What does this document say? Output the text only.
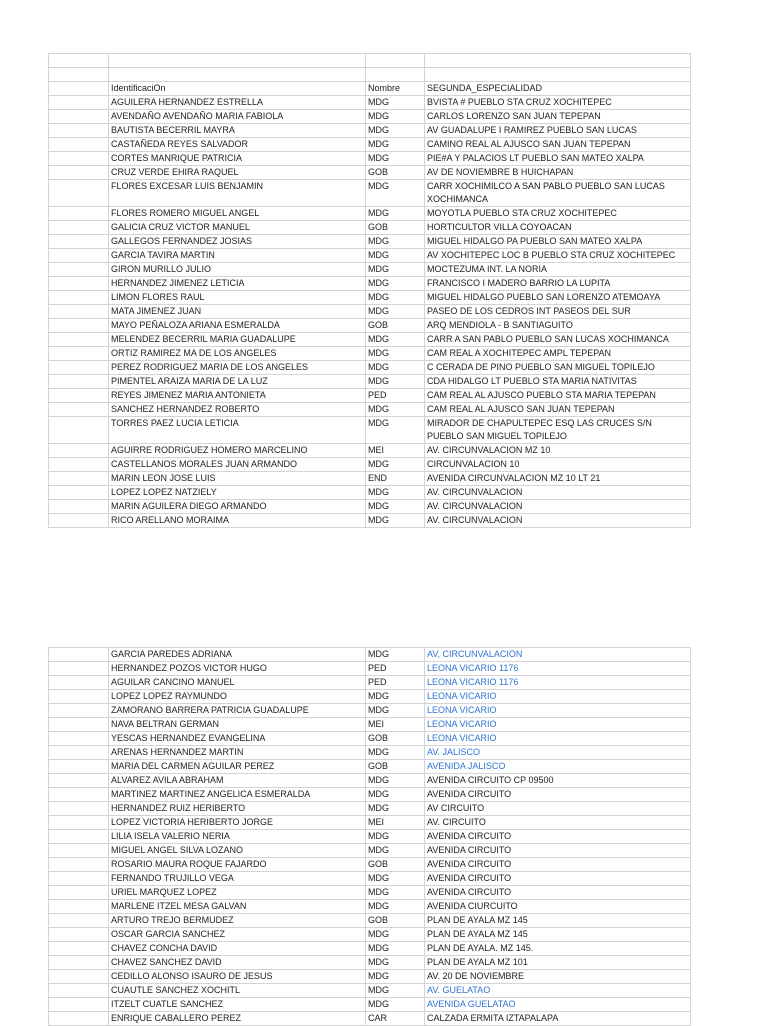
	IdentificaciOn	Nombre	SEGUNDA_ESPECIALIDAD
	AGUILERA HERNANDEZ ESTRELLA	MDG	BVISTA # PUEBLO STA CRUZ XOCHITEPEC
	AVENDAÑO AVENDAÑO MARIA FABIOLA	MDG	CARLOS LORENZO SAN JUAN TEPEPAN
	BAUTISTA BECERRIL MAYRA	MDG	AV GUADALUPE I RAMIREZ PUEBLO SAN LUCAS
	CASTAÑEDA REYES SALVADOR	MDG	CAMINO REAL AL AJUSCO SAN JUAN TEPEPAN
	CORTES MANRIQUE PATRICIA	MDG	PIE#A Y PALACIOS LT PUEBLO SAN MATEO XALPA
	CRUZ VERDE EHIRA RAQUEL	GOB	AV DE NOVIEMBRE B HUICHAPAN
	FLORES EXCESAR LUIS BENJAMIN	MDG	CARR XOCHIMILCO A SAN PABLO PUEBLO SAN LUCAS XOCHIMANCA
	FLORES ROMERO MIGUEL ANGEL	MDG	MOYOTLA PUEBLO STA CRUZ XOCHITEPEC
	GALICIA CRUZ VICTOR MANUEL	GOB	HORTICULTOR VILLA COYOACAN
	GALLEGOS FERNANDEZ JOSIAS	MDG	MIGUEL HIDALGO PA PUEBLO SAN MATEO XALPA
	GARCIA TAVIRA MARTIN	MDG	AV XOCHITEPEC LOC B PUEBLO STA CRUZ XOCHITEPEC
	GIRON MURILLO JULIO	MDG	MOCTEZUMA INT. LA NORIA
	HERNANDEZ JIMENEZ LETICIA	MDG	FRANCISCO I MADERO BARRIO LA LUPITA
	LIMON FLORES RAUL	MDG	MIGUEL HIDALGO PUEBLO SAN LORENZO ATEMOAYA
	MATA JIMENEZ JUAN	MDG	PASEO DE LOS CEDROS INT PASEOS DEL SUR
	MAYO PEÑALOZA ARIANA ESMERALDA	GOB	ARQ MENDIOLA - B SANTIAGUITO
	MELENDEZ BECERRIL MARIA GUADALUPE	MDG	CARR A SAN PABLO PUEBLO SAN LUCAS XOCHIMANCA
	ORTIZ RAMIREZ MA DE LOS ANGELES	MDG	CAM REAL A XOCHITEPEC AMPL TEPEPAN
	PEREZ RODRIGUEZ MARIA DE LOS ANGELES	MDG	C CERADA DE PINO PUEBLO SAN MIGUEL TOPILEJO
	PIMENTEL ARAIZA MARIA DE LA LUZ	MDG	CDA HIDALGO LT PUEBLO STA MARIA NATIVITAS
	REYES JIMENEZ MARIA ANTONIETA	PED	CAM REAL AL AJUSCO PUEBLO STA MARIA TEPEPAN
	SANCHEZ HERNANDEZ ROBERTO	MDG	CAM REAL AL AJUSCO SAN JUAN TEPEPAN
	TORRES PAEZ LUCIA LETICIA	MDG	MIRADOR DE CHAPULTEPEC ESQ LAS CRUCES S/N PUEBLO SAN MIGUEL TOPILEJO
	AGUIRRE RODRIGUEZ HOMERO MARCELINO	MEI	AV. CIRCUNVALACION MZ 10
	CASTELLANOS MORALES JUAN ARMANDO	MDG	CIRCUNVALACION 10
	MARIN LEON JOSE LUIS	END	AVENIDA CIRCUNVALACION MZ 10 LT 21
	LOPEZ LOPEZ NATZIELY	MDG	AV. CIRCUNVALACION
	MARIN AGUILERA DIEGO ARMANDO	MDG	AV. CIRCUNVALACION
	RICO ARELLANO MORAIMA	MDG	AV. CIRCUNVALACION
	GARCIA PAREDES ADRIANA	MDG	AV, CIRCUNVALACION
	HERNANDEZ POZOS VICTOR HUGO	PED	LEONA VICARIO 1176
	AGUILAR CANCINO MANUEL	PED	LEONA VICARIO 1176
	LOPEZ LOPEZ RAYMUNDO	MDG	LEONA VICARIO
	ZAMORANO BARRERA PATRICIA GUADALUPE	MDG	LEONA VICARIO
	NAVA BELTRAN GERMAN	MEI	LEONA VICARIO
	YESCAS HERNANDEZ EVANGELINA	GOB	LEONA VICARIO
	ARENAS HERNANDEZ MARTIN	MDG	AV. JALISCO
	MARIA DEL CARMEN AGUILAR PEREZ	GOB	AVENIDA JALISCO
	ALVAREZ AVILA ABRAHAM	MDG	AVENIDA CIRCUITO CP 09500
	MARTINEZ MARTINEZ ANGELICA ESMERALDA	MDG	AVENIDA CIRCUITO
	HERNANDEZ RUIZ HERIBERTO	MDG	AV CIRCUITO
	LOPEZ VICTORIA HERIBERTO JORGE	MEI	AV. CIRCUITO
	LILIA ISELA VALERIO NERIA	MDG	AVENIDA CIRCUITO
	MIGUEL ANGEL SILVA LOZANO	MDG	AVENIDA CIRCUITO
	ROSARIO MAURA ROQUE FAJARDO	GOB	AVENIDA CIRCUITO
	FERNANDO TRUJILLO VEGA	MDG	AVENIDA CIRCUITO
	URIEL MARQUEZ LOPEZ	MDG	AVENIDA CIRCUITO
	MARLENE ITZEL MESA GALVAN	MDG	AVENIDA CIURCUITO
	ARTURO TREJO BERMUDEZ	GOB	PLAN DE AYALA MZ 145
	OSCAR GARCIA SANCHEZ	MDG	PLAN DE AYALA MZ 145
	CHAVEZ CONCHA DAVID	MDG	PLAN DE AYALA. MZ 145.
	CHAVEZ SANCHEZ DAVID	MDG	PLAN DE AYALA MZ 101
	CEDILLO ALONSO ISAURO DE JESUS	MDG	AV. 20 DE NOVIEMBRE
	CUAUTLE SANCHEZ XOCHITL	MDG	AV. GUELATAO
	ITZELT CUATLE SANCHEZ	MDG	AVENIDA GUELATAO
	ENRIQUE CABALLERO PEREZ	CAR	CALZADA ERMITA IZTAPALAPA
